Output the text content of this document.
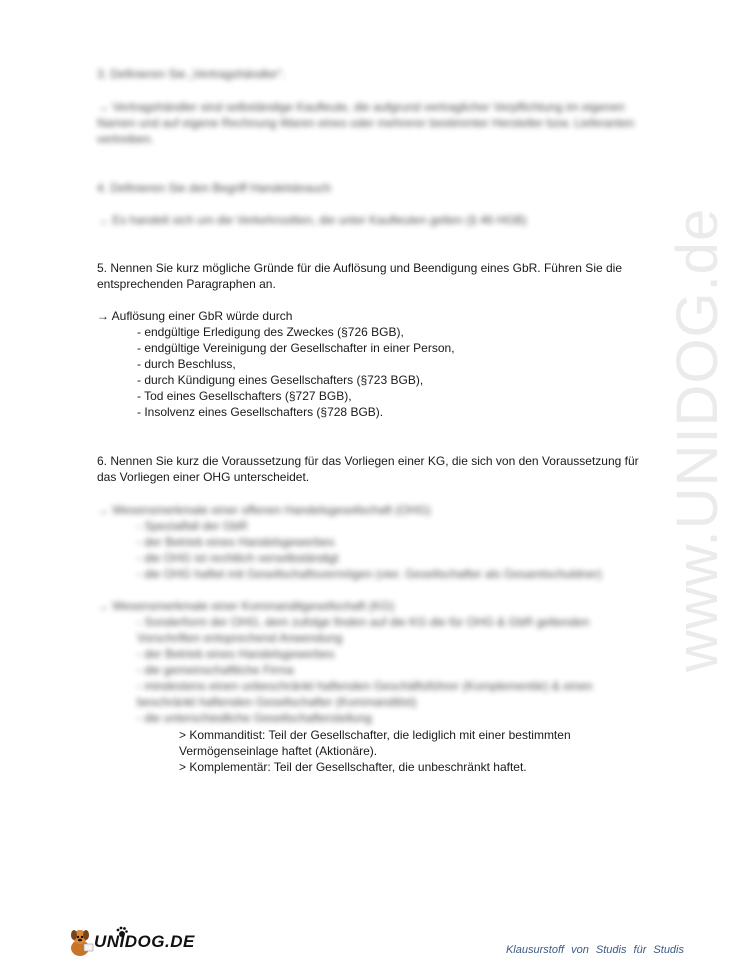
www.UNIDOG.de
3. Definieren Sie „Vertragshändler“.
→ Vertragshändler sind selbständige Kaufleute, die aufgrund vertraglicher Verpflichtung im eigenen
Namen und auf eigene Rechnung Waren eines oder mehrerer bestimmter Hersteller bzw. Lieferanten
vertreiben.
4. Definieren Sie den Begriff Handelsbrauch
→ Es handelt sich um die Verkehrssitten, die unter Kaufleuten gelten (§ 46 HGB)
5. Nennen Sie kurz mögliche Gründe für die Auflösung und Beendigung eines GbR. Führen Sie die
entsprechenden Paragraphen an.
→ Auflösung einer GbR würde durch
- endgültige Erledigung des Zweckes (§726 BGB),
- endgültige Vereinigung der Gesellschafter in einer Person,
- durch Beschluss,
- durch Kündigung eines Gesellschafters (§723 BGB),
- Tod eines Gesellschafters (§727 BGB),
- Insolvenz eines Gesellschafters (§728 BGB).
6. Nennen Sie kurz die Voraussetzung für das Vorliegen einer KG, die sich von den Voraussetzung für
das Vorliegen einer OHG unterscheidet.
→ Wesensmerkmale einer offenen Handelsgesellschaft (OHG)
- Spezialfall der GbR
- der Betrieb eines Handelsgewerbes
- die OHG ist rechtlich verselbständigt
- die OHG haftet mit Gesellschaftsvermögen (vier. Gesellschafter als Gesamtschuldner)
→ Wesensmerkmale einer Kommanditgesellschaft (KG)
- Sonderform der OHG, dem zufolge finden auf die KG die für OHG & GbR geltenden
Vorschriften entsprechend Anwendung
- der Betrieb eines Handelsgewerbes
- die gemeinschaftliche Firma
- mindestens einen unbeschränkt haftenden Geschäftsführer (Komplementär) & einen
beschränkt haftenden Gesellschafter (Kommanditist)
- die unterschiedliche Gesellschafterstellung
> Kommanditist: Teil der Gesellschafter, die lediglich mit einer bestimmten
Vermögenseinlage haftet (Aktionäre).
> Komplementär: Teil der Gesellschafter, die unbeschränkt haftet.
UNIDOG.DE	Klausurstoff von Studis für Studis
